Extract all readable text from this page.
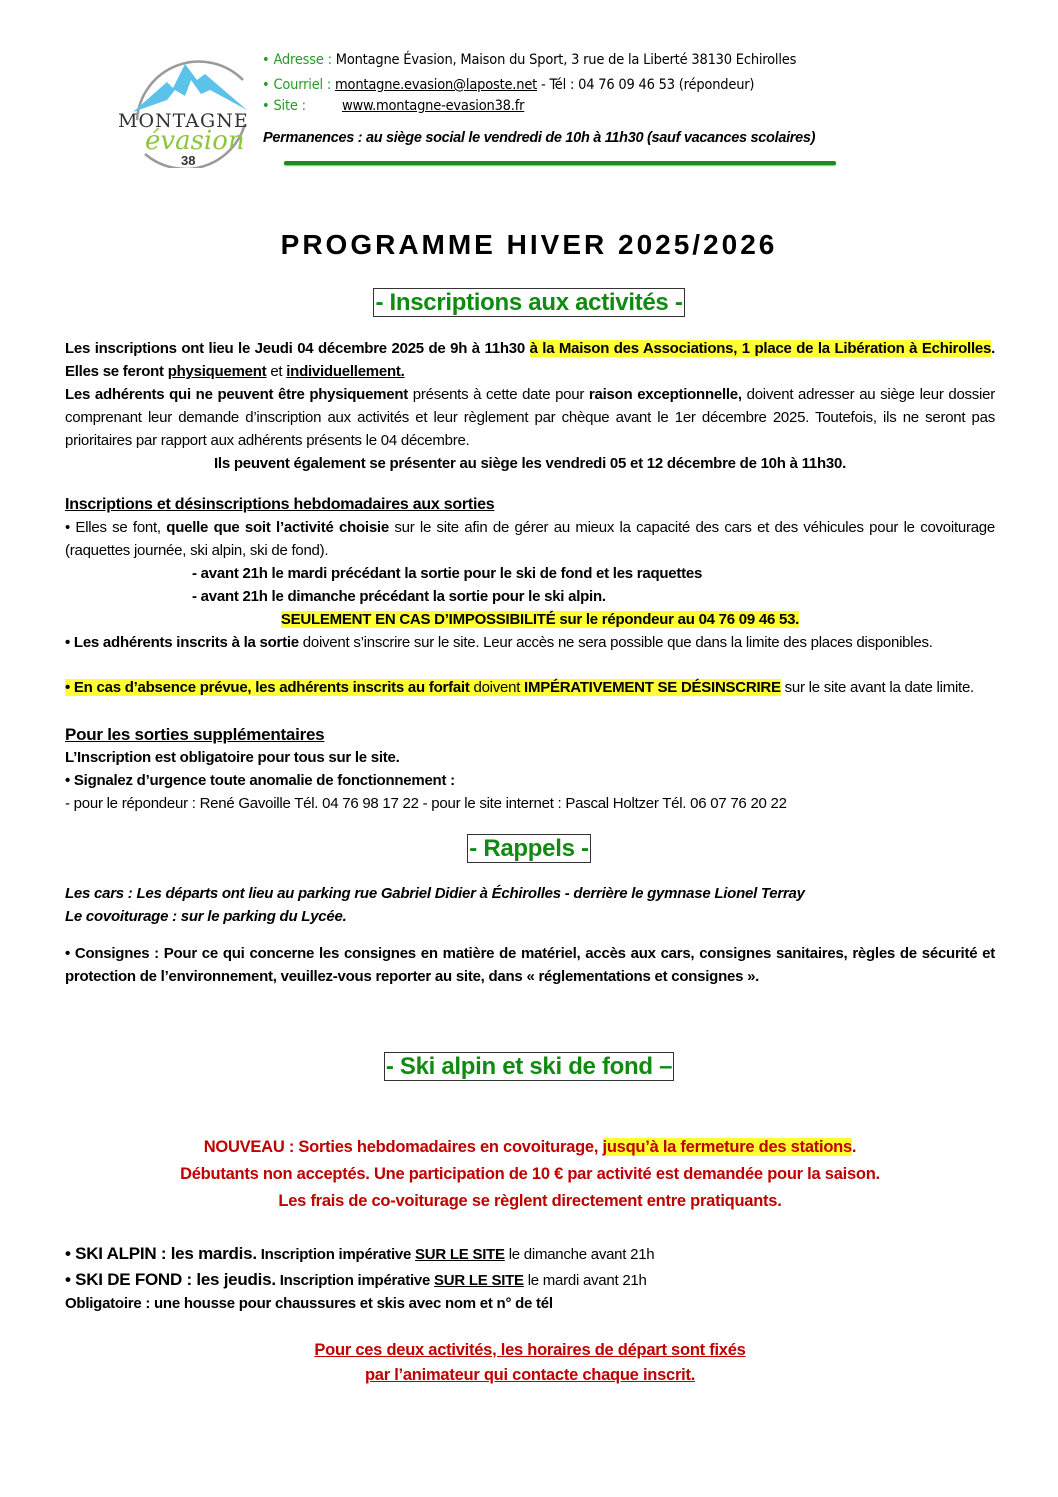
MONTAGNE
évasion
38
• Adresse : Montagne Évasion, Maison du Sport, 3 rue de la Liberté 38130 Echirolles
• Courriel : montagne.evasion@laposte.net - Tél : 04 76 09 46 53 (répondeur)
• Site : www.montagne-evasion38.fr
Permanences : au siège social le vendredi de 10h à 11h30 (sauf vacances scolaires)
PROGRAMME HIVER 2025/2026
- Inscriptions aux activités -
Les inscriptions ont lieu le Jeudi 04 décembre 2025 de 9h à 11h30 à la Maison des Associations, 1 place de la Libération à Echirolles. Elles se feront physiquement et individuellement.
Les adhérents qui ne peuvent être physiquement présents à cette date pour raison exceptionnelle, doivent adresser au siège leur dossier comprenant leur demande d’inscription aux activités et leur règlement par chèque avant le 1er décembre 2025. Toutefois, ils ne seront pas prioritaires par rapport aux adhérents présents le 04 décembre.
Ils peuvent également se présenter au siège les vendredi 05 et 12 décembre de 10h à 11h30.
Inscriptions et désinscriptions hebdomadaires aux sorties
• Elles se font, quelle que soit l’activité choisie sur le site afin de gérer au mieux la capacité des cars et des véhicules pour le covoiturage (raquettes journée, ski alpin, ski de fond).
- avant 21h le mardi précédant la sortie pour le ski de fond et les raquettes
- avant 21h le dimanche précédant la sortie pour le ski alpin.
SEULEMENT EN CAS D’IMPOSSIBILITÉ sur le répondeur au 04 76 09 46 53.
• Les adhérents inscrits à la sortie doivent s’inscrire sur le site. Leur accès ne sera possible que dans la limite des places disponibles.
• En cas d’absence prévue, les adhérents inscrits au forfait doivent IMPÉRATIVEMENT SE DÉSINSCRIRE sur le site avant la date limite.
Pour les sorties supplémentaires
L’Inscription est obligatoire pour tous sur le site.
• Signalez d’urgence toute anomalie de fonctionnement :
- pour le répondeur : René Gavoille Tél. 04 76 98 17 22 - pour le site internet : Pascal Holtzer Tél. 06 07 76 20 22
- Rappels -
Les cars : Les départs ont lieu au parking rue Gabriel Didier à Échirolles - derrière le gymnase Lionel Terray
Le covoiturage : sur le parking du Lycée.
• Consignes : Pour ce qui concerne les consignes en matière de matériel, accès aux cars, consignes sanitaires, règles de sécurité et protection de l’environnement, veuillez-vous reporter au site, dans « réglementations et consignes ».
- Ski alpin et ski de fond –
NOUVEAU : Sorties hebdomadaires en covoiturage, jusqu’à la fermeture des stations.
Débutants non acceptés. Une participation de 10 € par activité est demandée pour la saison.
Les frais de co-voiturage se règlent directement entre pratiquants.
• SKI ALPIN : les mardis. Inscription impérative SUR LE SITE le dimanche avant 21h
• SKI DE FOND : les jeudis. Inscription impérative SUR LE SITE le mardi avant 21h
Obligatoire : une housse pour chaussures et skis avec nom et n° de tél
Pour ces deux activités, les horaires de départ sont fixés
par l’animateur qui contacte chaque inscrit.
